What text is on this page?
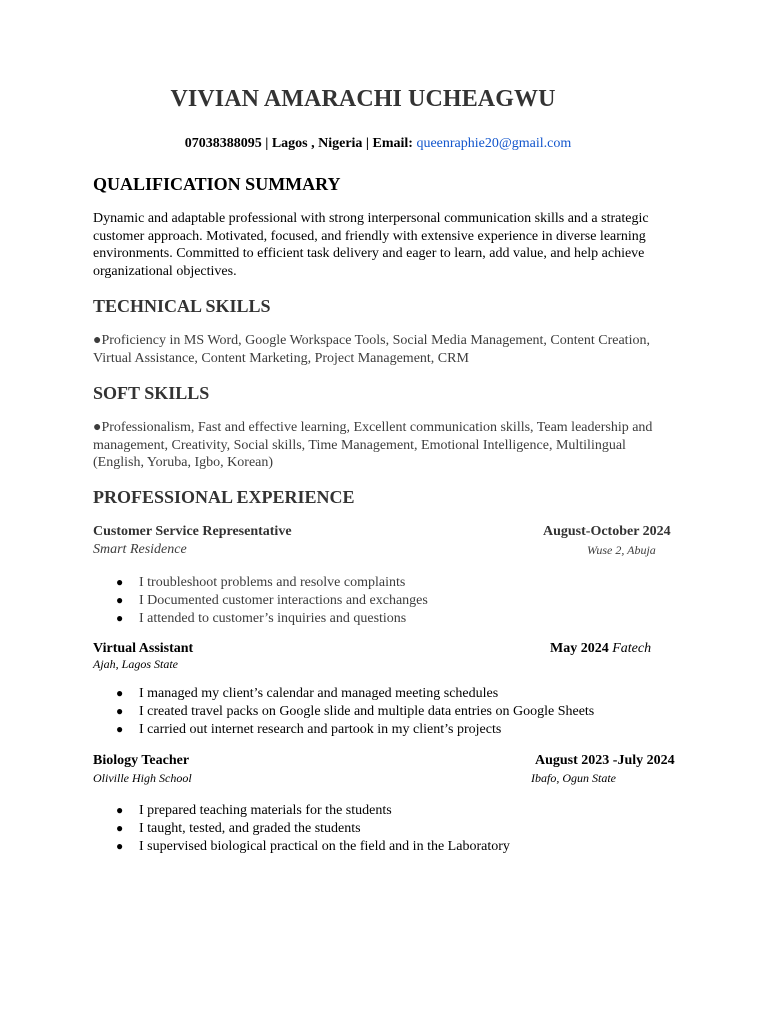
VIVIAN AMARACHI UCHEAGWU
07038388095 | Lagos , Nigeria | Email: queenraphie20@gmail.com
QUALIFICATION SUMMARY
Dynamic and adaptable professional with strong interpersonal communication skills and a strategic
customer approach. Motivated, focused, and friendly with extensive experience in diverse learning
environments. Committed to efficient task delivery and eager to learn, add value, and help achieve
organizational objectives.
TECHNICAL SKILLS
●Proficiency in MS Word, Google Workspace Tools, Social Media Management, Content Creation,
Virtual Assistance, Content Marketing, Project Management, CRM
SOFT SKILLS
●Professionalism, Fast and effective learning, Excellent communication skills, Team leadership and
management, Creativity, Social skills, Time Management, Emotional Intelligence, Multilingual
(English, Yoruba, Igbo, Korean)
PROFESSIONAL EXPERIENCE
Customer Service Representative	August-October 2024
Smart Residence	Wuse 2, Abuja
● I troubleshoot problems and resolve complaints
● I Documented customer interactions and exchanges
● I attended to customer’s inquiries and questions
Virtual Assistant	May 2024 Fatech
Ajah, Lagos State
● I managed my client’s calendar and managed meeting schedules
● I created travel packs on Google slide and multiple data entries on Google Sheets
● I carried out internet research and partook in my client’s projects
Biology Teacher	August 2023 -July 2024
Oliville High School	Ibafo, Ogun State
● I prepared teaching materials for the students
● I taught, tested, and graded the students
● I supervised biological practical on the field and in the Laboratory
